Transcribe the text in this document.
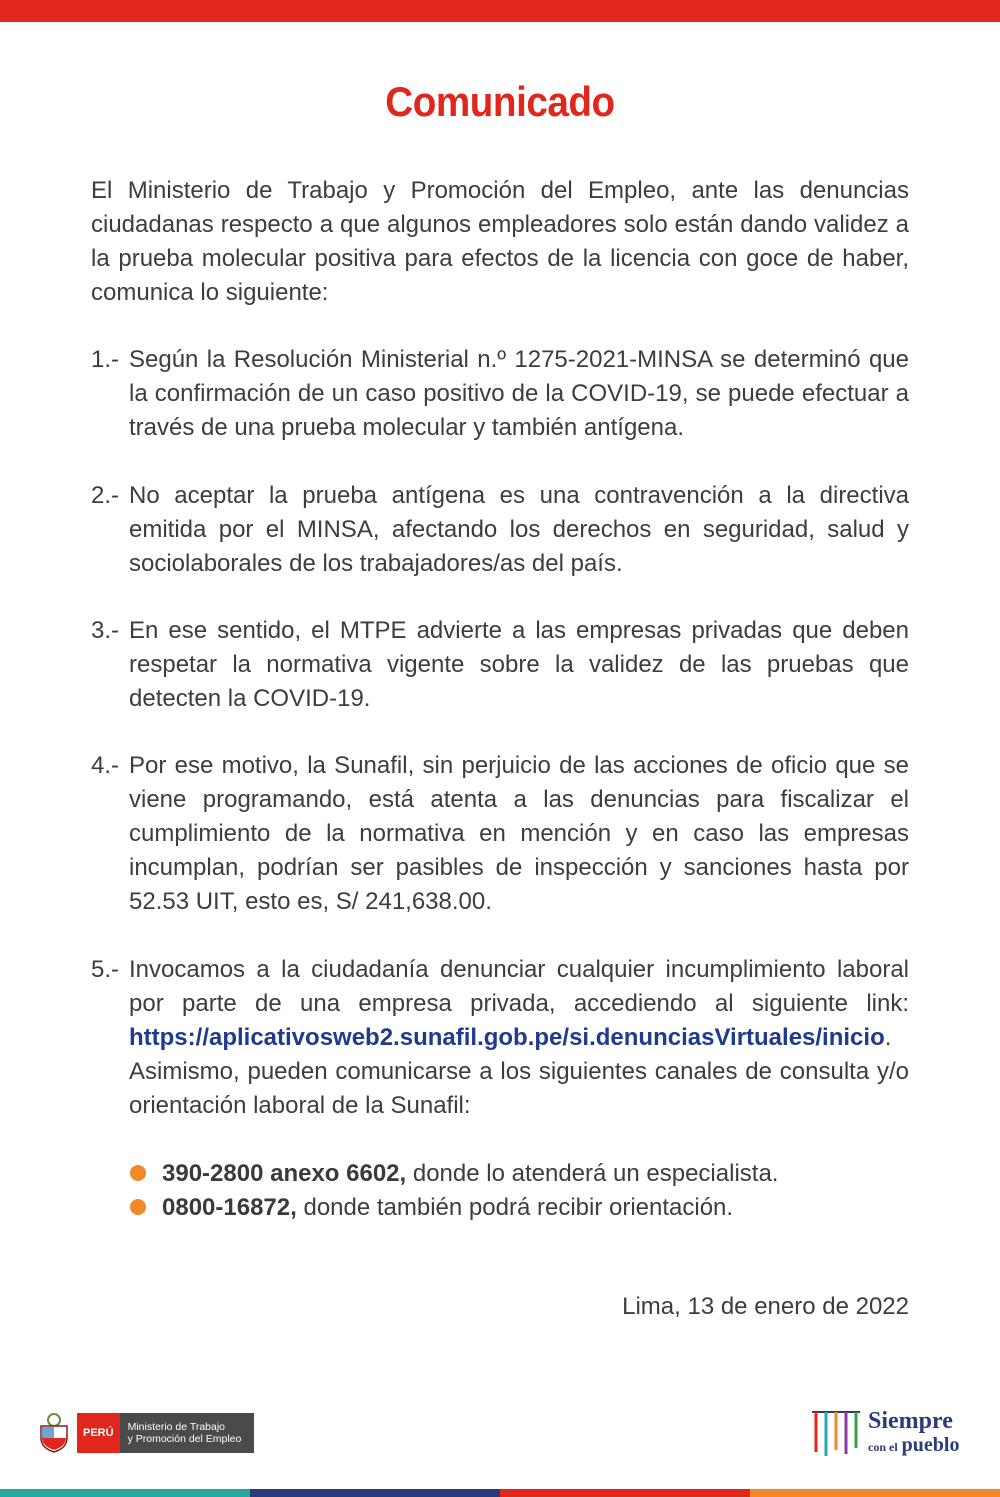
Comunicado
El Ministerio de Trabajo y Promoción del Empleo, ante las denuncias ciudadanas respecto a que algunos empleadores solo están dando validez a la prueba molecular positiva para efectos de la licencia con goce de haber, comunica lo siguiente:
1.- Según la Resolución Ministerial n.º 1275-2021-MINSA se determinó que la confirmación de un caso positivo de la COVID-19, se puede efectuar a través de una prueba molecular y también antígena.
2.- No aceptar la prueba antígena es una contravención a la directiva emitida por el MINSA, afectando los derechos en seguridad, salud y sociolaborales de los trabajadores/as del país.
3.- En ese sentido, el MTPE advierte a las empresas privadas que deben respetar la normativa vigente sobre la validez de las pruebas que detecten la COVID-19.
4.- Por ese motivo, la Sunafil, sin perjuicio de las acciones de oficio que se viene programando, está atenta a las denuncias para fiscalizar el cumplimiento de la normativa en mención y en caso las empresas incumplan, podrían ser pasibles de inspección y sanciones hasta por 52.53 UIT, esto es, S/ 241,638.00.
5.- Invocamos a la ciudadanía denunciar cualquier incumplimiento laboral por parte de una empresa privada, accediendo al siguiente link: https://aplicativosweb2.sunafil.gob.pe/si.denunciasVirtuales/inicio. Asimismo, pueden comunicarse a los siguientes canales de consulta y/o orientación laboral de la Sunafil:
390-2800 anexo 6602, donde lo atenderá un especialista.
0800-16872, donde también podrá recibir orientación.
Lima, 13 de enero de 2022
PERÚ	Ministerio de Trabajo
y Promoción del Empleo
Siempre
con el pueblo
